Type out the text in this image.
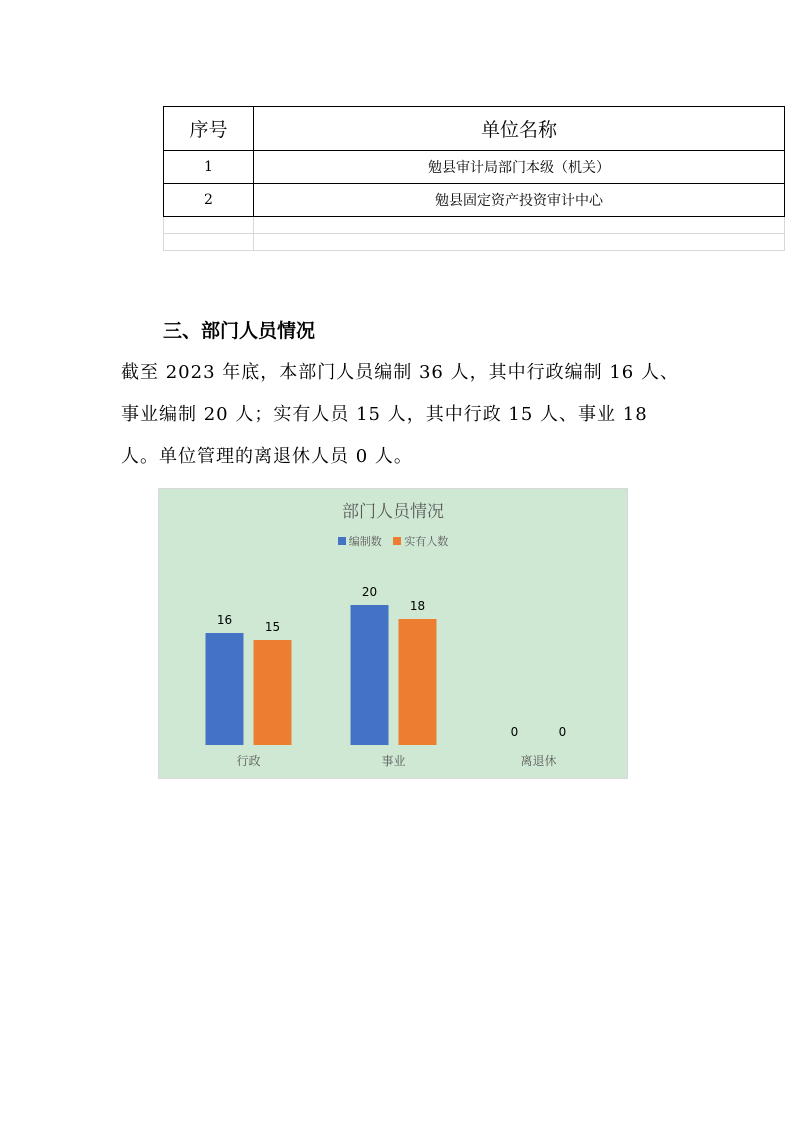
序号	单位名称
1	勉县审计局部门本级（机关）
2	勉县固定资产投资审计中心

三、部门人员情况

截至 2023 年底，本部门人员编制 36 人，其中行政编制 16 人、事业编制 20 人；实有人员 15 人，其中行政 15 人、事业 18 人。单位管理的离退休人员 0 人。

部门人员情况
编制数 实有人数
16	15
行政
20
18
事业
0	0
离退休
